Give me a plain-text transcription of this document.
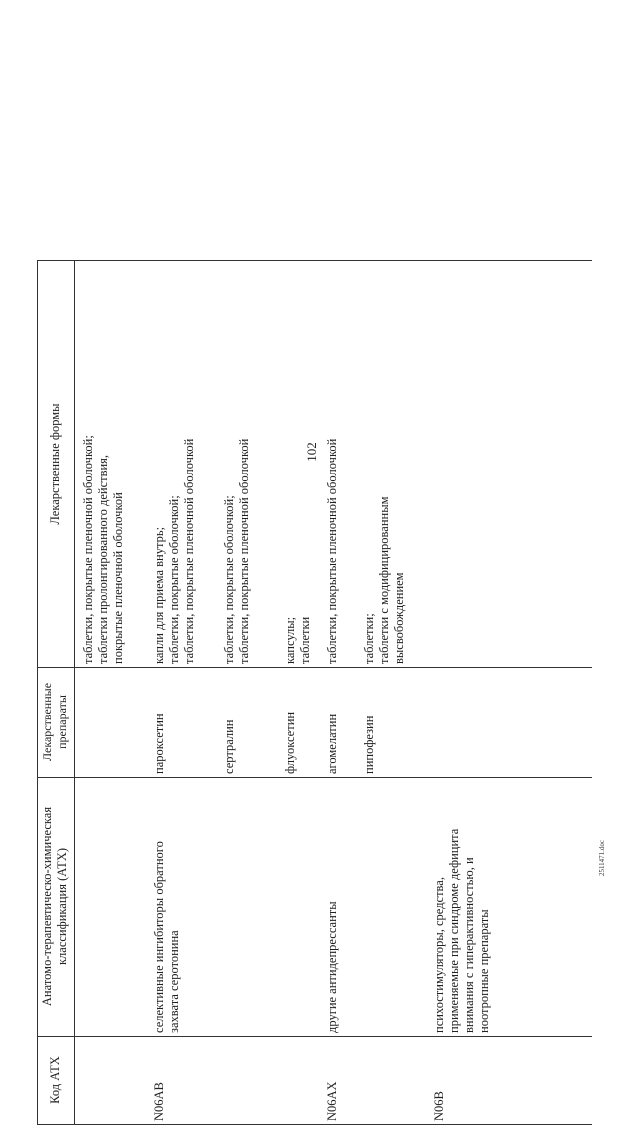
102
2511471.doc
Код АТХ
Анатомо-терапевтическо-химическая классификация (АТХ)
Лекарственные препараты
Лекарственные формы таблетки, покрытые пленочной оболочкой; таблетки пролонгированного действия, покрытые пленочной оболочкой
N06AB
селективные ингибиторы обратного захвата серотонина
пароксетин
капли для приема внутрь; таблетки, покрытые оболочкой; таблетки, покрытые пленочной оболочкой
сертралин
таблетки, покрытые оболочкой; таблетки, покрытые пленочной оболочкой
флуоксетин
капсулы; таблетки
N06AX
другие антидепрессанты
агомелатин
таблетки, покрытые пленочной оболочкой
пипофезин
таблетки; таблетки с модифицированным высвобождением
N06B
психостимуляторы, средства, применяемые при синдроме дефицита внимания с гиперактивностью, и ноотропные препараты
